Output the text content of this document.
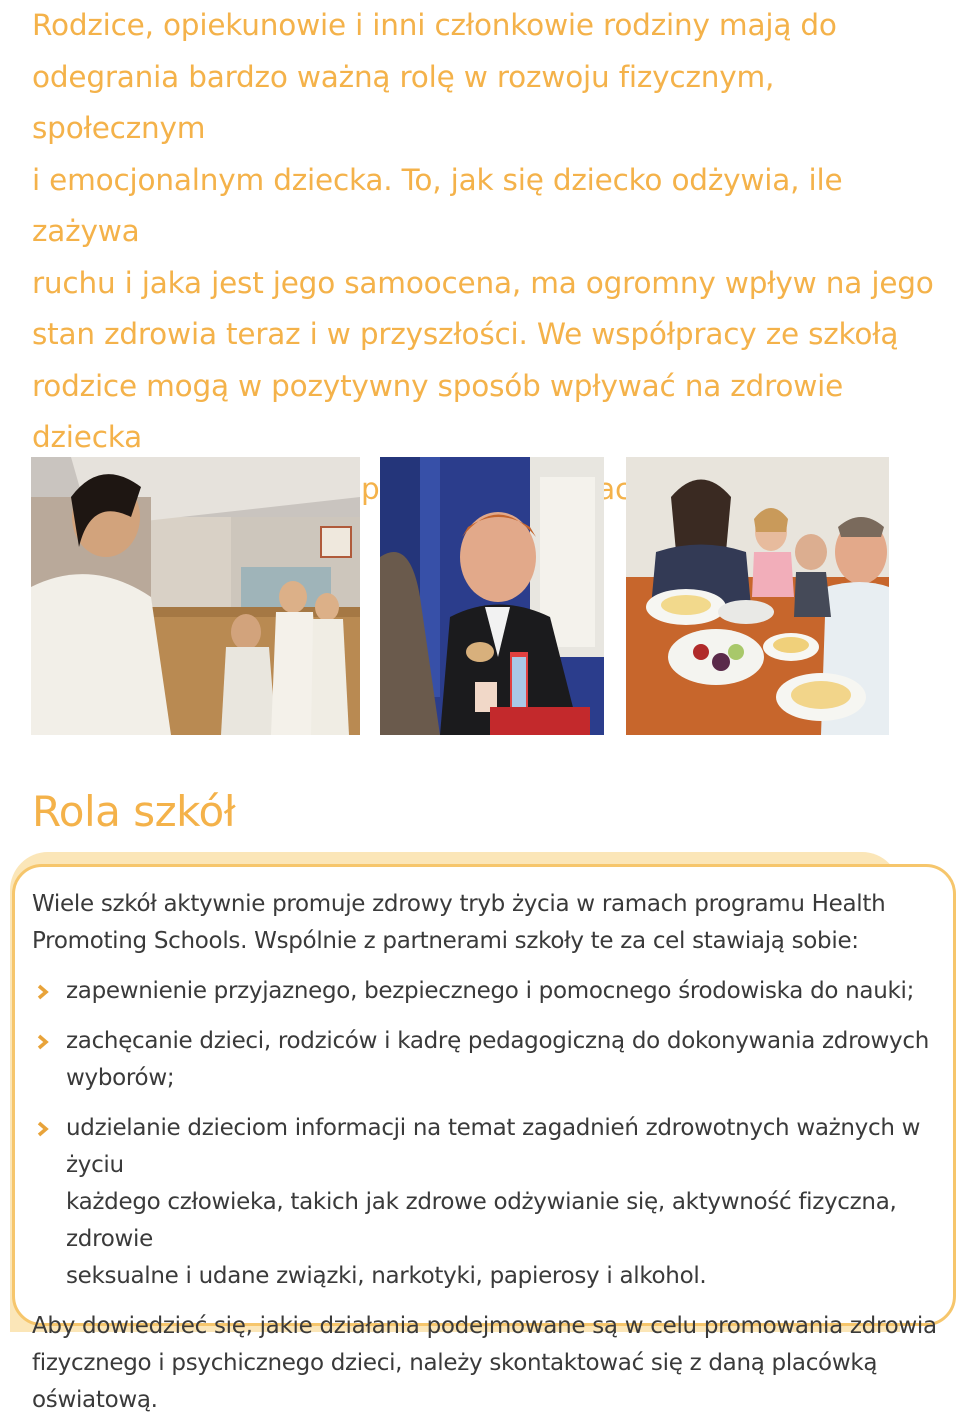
Rodzice, opiekunowie i inni członkowie rodziny mają do
odegrania bardzo ważną rolę w rozwoju fizycznym, społecznym
i emocjonalnym dziecka. To, jak się dziecko odżywia, ile zażywa
ruchu i jaka jest jego samoocena, ma ogromny wpływ na jego
stan zdrowia teraz i w przyszłości. We współpracy ze szkołą
rodzice mogą w pozytywny sposób wpływać na zdrowie dziecka
Rola szkół

Wiele szkół aktywnie promuje zdrowy tryb życia w ramach programu Health
Promoting Schools. Wspólnie z partnerami szkoły te za cel stawiają sobie:

zapewnienie przyjaznego, bezpiecznego i pomocnego środowiska do nauki;
zachęcanie dzieci, rodziców i kadrę pedagogiczną do dokonywania zdrowych
wyborów;
udzielanie dzieciom informacji na temat zagadnień zdrowotnych ważnych w życiu
każdego człowieka, takich jak zdrowe odżywianie się, aktywność fizyczna, zdrowie
seksualne i udane związki, narkotyki, papierosy i alkohol.

Aby dowiedzieć się, jakie działania podejmowane są w celu promowania zdrowia
fizycznego i psychicznego dzieci, należy skontaktować się z daną placówką oświatową.
